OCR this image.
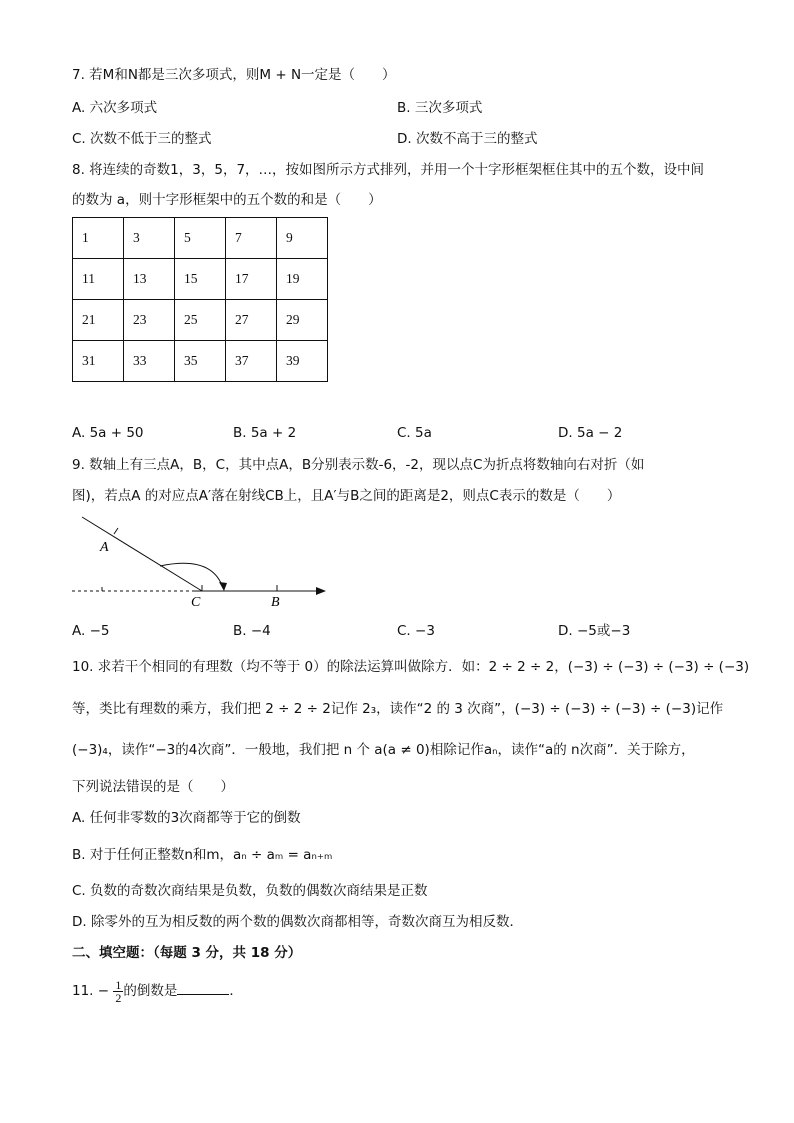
7. 若M和N都是三次多项式，则M + N一定是（　　）
A. 六次多项式	B. 三次多项式
C. 次数不低于三的整式	D. 次数不高于三的整式
8. 将连续的奇数1，3，5，7，…，按如图所示方式排列，并用一个十字形框架框住其中的五个数，设中间
的数为 a，则十字形框架中的五个数的和是（　　）
1	3	5	7	9
11	13	15	17	19
21	23	25	27	29
31	33	35	37	39
A. 5a + 50	B. 5a + 2	C. 5a	D. 5a − 2
9. 数轴上有三点A，B，C，其中点A，B分别表示数-6，-2，现以点C为折点将数轴向右对折（如
图)，若点A 的对应点A′落在射线CB上，且A′与B之间的距离是2，则点C表示的数是（　　）
A
C	B
A. −5	B. −4	C. −3	D. −5或−3
10. 求若干个相同的有理数（均不等于 0）的除法运算叫做除方．如：2 ÷ 2 ÷ 2，(−3) ÷ (−3) ÷ (−3) ÷ (−3)
等，类比有理数的乘方，我们把 2 ÷ 2 ÷ 2记作 2₃，读作“2 的 3 次商”，(−3) ÷ (−3) ÷ (−3) ÷ (−3)记作
(−3)₄，读作“−3的4次商”．一般地，我们把 n 个 a(a ≠ 0)相除记作aₙ，读作“a的 n次商”．关于除方，
下列说法错误的是（　　）
A. 任何非零数的3次商都等于它的倒数
B. 对于任何正整数n和m，aₙ ÷ aₘ = aₙ₊ₘ
C. 负数的奇数次商结果是负数，负数的偶数次商结果是正数
D. 除零外的互为相反数的两个数的偶数次商都相等，奇数次商互为相反数．
二、填空题：（每题 3 分，共 18 分）
11. − $\frac{1}{2}$ 的倒数是	．
